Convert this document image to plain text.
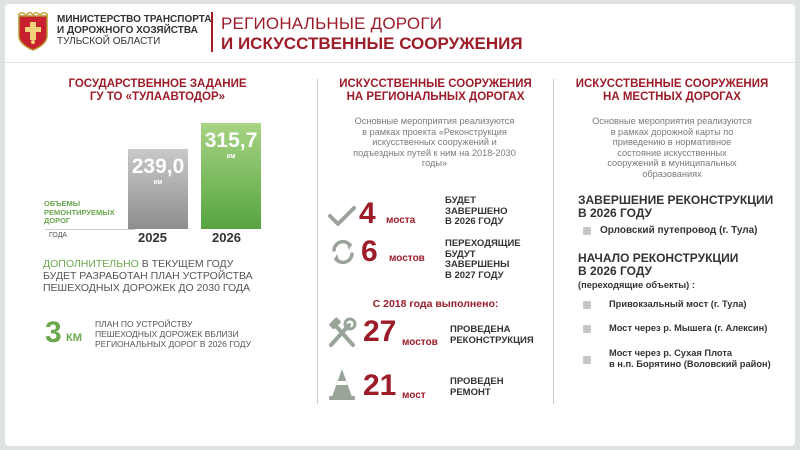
МИНИСТЕРСТВО ТРАНСПОРТА
И ДОРОЖНОГО ХОЗЯЙСТВА
ТУЛЬСКОЙ ОБЛАСТИ
РЕГИОНАЛЬНЫЕ ДОРОГИ
И ИСКУССТВЕННЫЕ СООРУЖЕНИЯ
ГОСУДАРСТВЕННОЕ ЗАДАНИЕ
ГУ ТО «ТУЛААВТОДОР»
ОБЪЕМЫ
РЕМОНТИРУЕМЫХ
ДОРОГ
ГОДА
239,0
км
315,7
км
2025	2026
ДОПОЛНИТЕЛЬНО В ТЕКУЩЕМ ГОДУ
БУДЕТ РАЗРАБОТАН ПЛАН УСТРОЙСТВА
ПЕШЕХОДНЫХ ДОРОЖЕК ДО 2030 ГОДА
3 КМ
ПЛАН ПО УСТРОЙСТВУ
ПЕШЕХОДНЫХ ДОРОЖЕК ВБЛИЗИ
РЕГИОНАЛЬНЫХ ДОРОГ В 2026 ГОДУ
ИСКУССТВЕННЫЕ СООРУЖЕНИЯ
НА РЕГИОНАЛЬНЫХ ДОРОГАХ
Основные мероприятия реализуются
в рамках проекта «Реконструкция
искусственных сооружений и
подъездных путей к ним на 2018-2030
годы»
4 моста
БУДЕТ
ЗАВЕРШЕНО
В 2026 ГОДУ
6 мостов
ПЕРЕХОДЯЩИЕ
БУДУТ
ЗАВЕРШЕНЫ
В 2027 ГОДУ
С 2018 года выполнено:
27 мостов
ПРОВЕДЕНА
РЕКОНСТРУКЦИЯ
21 мост
ПРОВЕДЕН
РЕМОНТ
ИСКУССТВЕННЫЕ СООРУЖЕНИЯ
НА МЕСТНЫХ ДОРОГАХ
Основные мероприятия реализуются
в рамках дорожной карты по
приведению в нормативное
состояние искусственных
сооружений в муниципальных
образованиях
ЗАВЕРШЕНИЕ РЕКОНСТРУКЦИИ
В 2026 ГОДУ
Орловский путепровод (г. Тула)
НАЧАЛО РЕКОНСТРУКЦИИ
В 2026 ГОДУ
(переходящие объекты) :
Привокзальный мост (г. Тула)
Мост через р. Мышега (г. Алексин)
Мост через р. Сухая Плота
в н.п. Борятино (Воловский район)
